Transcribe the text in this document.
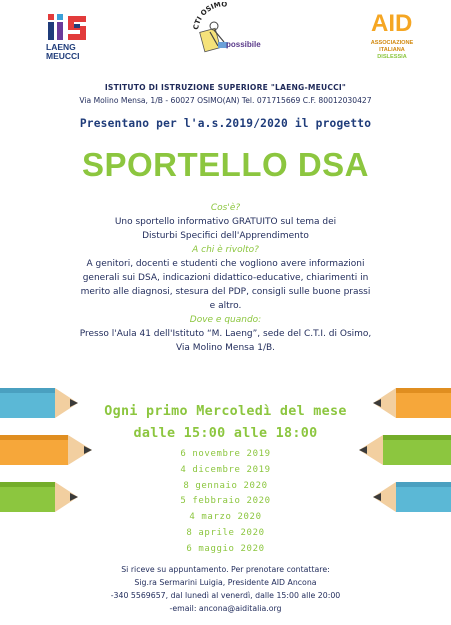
LAENG
MEUCCI
CTI OSIMO
possibile
AID
ASSOCIAZIONE
ITALIANA
DISLESSIA
ISTITUTO DI ISTRUZIONE SUPERIORE "LAENG-MEUCCI"
Via Molino Mensa, 1/B - 60027 OSIMO(AN) Tel. 071715669 C.F. 80012030427
Presentano per l'a.s.2019/2020 il progetto
SPORTELLO DSA
Cos'è?
Uno sportello informativo GRATUITO sul tema dei
Disturbi Specifici dell'Apprendimento
A chi è rivolto?
A genitori, docenti e studenti che vogliono avere informazioni
generali sui DSA, indicazioni didattico-educative, chiarimenti in
merito alle diagnosi, stesura del PDP, consigli sulle buone prassi
e altro.
Dove e quando:
Presso l'Aula 41 dell'Istituto “M. Laeng”, sede del C.T.I. di Osimo,
Via Molino Mensa 1/B.
Ogni primo Mercoledì del mese
dalle 15:00 alle 18:00
6 novembre 2019
4 dicembre 2019
8 gennaio 2020
5 febbraio 2020
4 marzo 2020
8 aprile 2020
6 maggio 2020
Si riceve su appuntamento. Per prenotare contattare:
Sig.ra Sermarini Luigia, Presidente AID Ancona
-340 5569657, dal lunedì al venerdì, dalle 15:00 alle 20:00
-email: ancona@aiditalia.org
